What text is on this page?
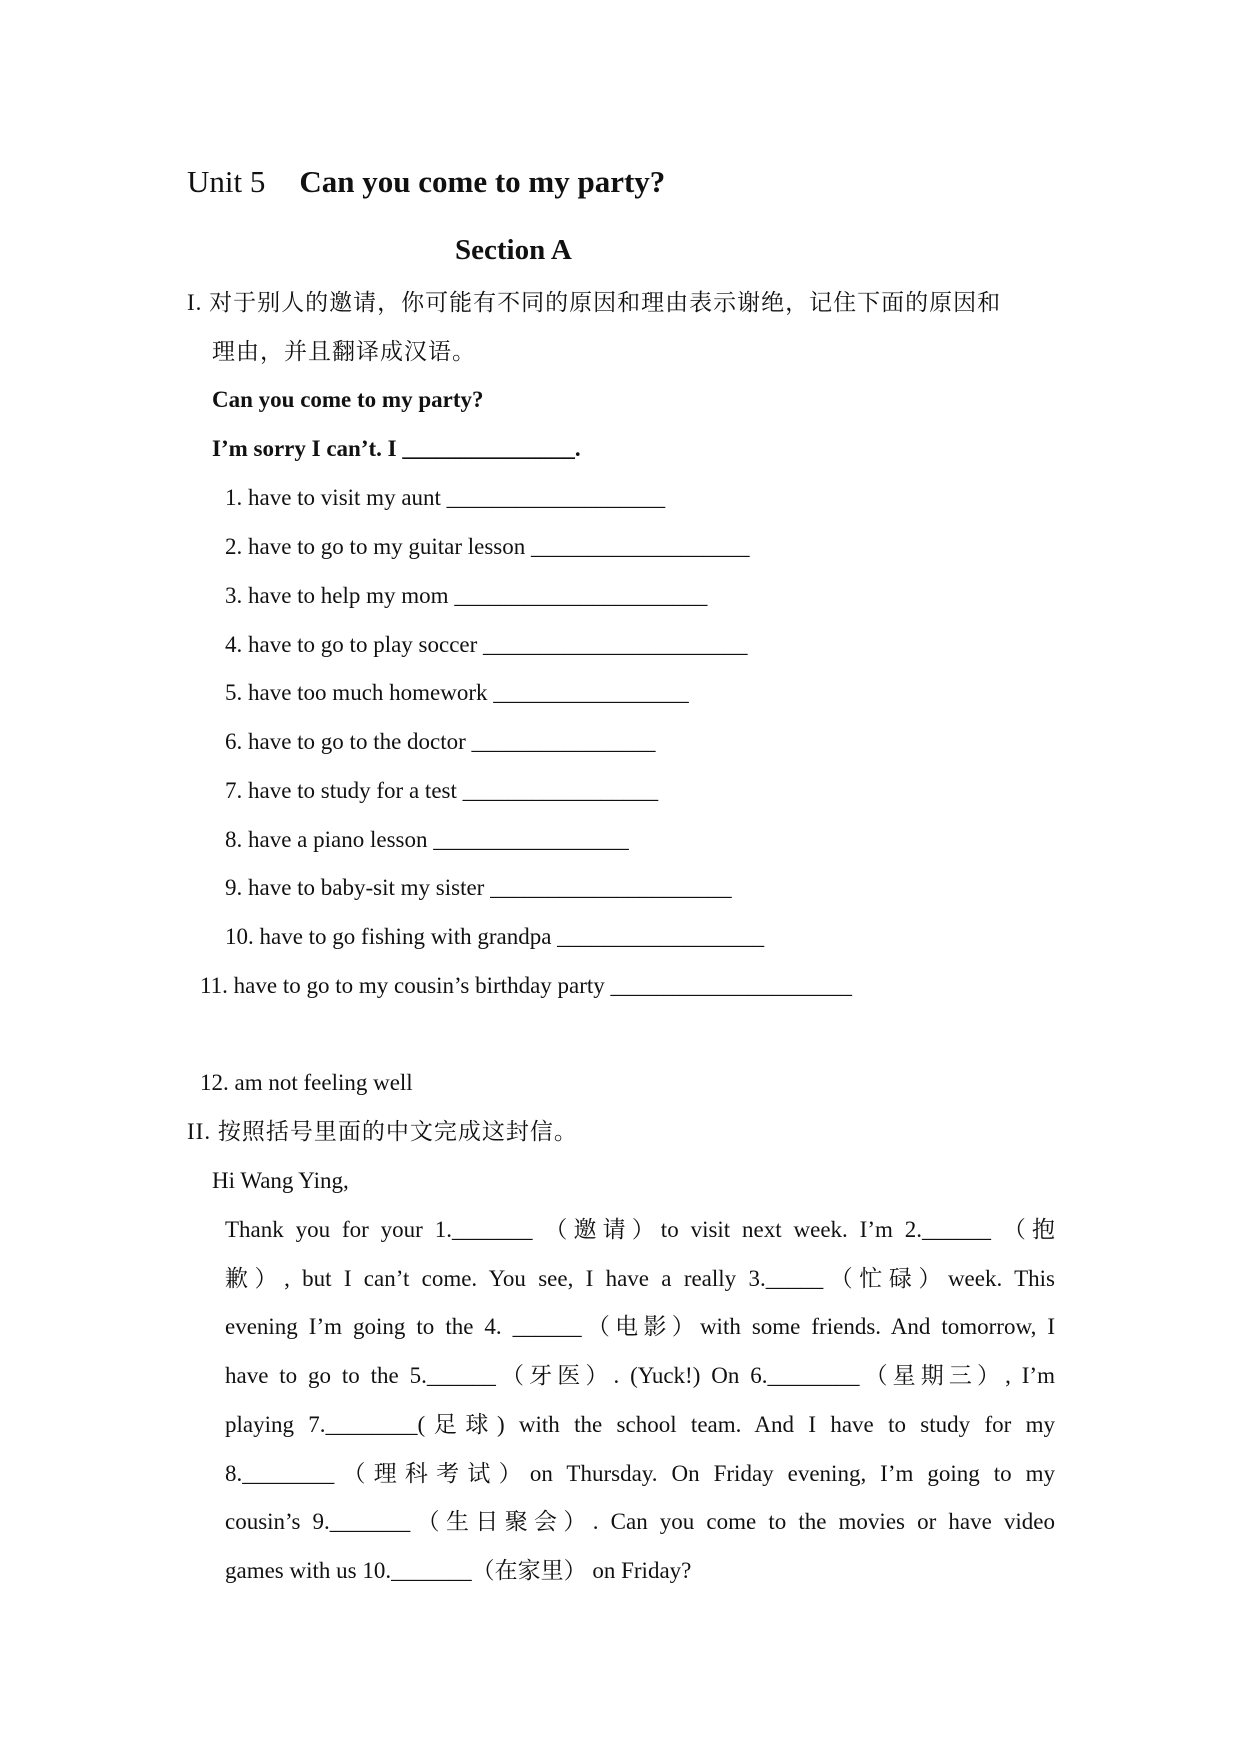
Unit 5 Can you come to my party?
Section A
I. 对于别人的邀请，你可能有不同的原因和理由表示谢绝，记住下面的原因和
理由，并且翻译成汉语。
Can you come to my party?
I’m sorry I can’t. I _______________.
1. have to visit my aunt ___________________
2. have to go to my guitar lesson ___________________
3. have to help my mom ______________________
4. have to go to play soccer _______________________
5. have too much homework _________________
6. have to go to the doctor ________________
7. have to study for a test _________________
8. have a piano lesson _________________
9. have to baby-sit my sister _____________________
10. have to go fishing with grandpa __________________
11. have to go to my cousin’s birthday party _____________________
12. am not feeling well
II. 按照括号里面的中文完成这封信。
Hi Wang Ying,
Thank you for your 1._______ （邀请）to visit next week. I’m 2.______ （抱
歉）, but I can’t come. You see, I have a really 3._____（忙碌）week. This
evening I’m going to the 4. ______（电影）with some friends. And tomorrow, I
have to go to the 5.______（牙医）. (Yuck!) On 6.________（星期三）, I’m
playing 7.________(足球) with the school team. And I have to study for my
8.________（理科考试）on Thursday. On Friday evening, I’m going to my
cousin’s 9._______（生日聚会）. Can you come to the movies or have video
games with us 10._______（在家里） on Friday?
